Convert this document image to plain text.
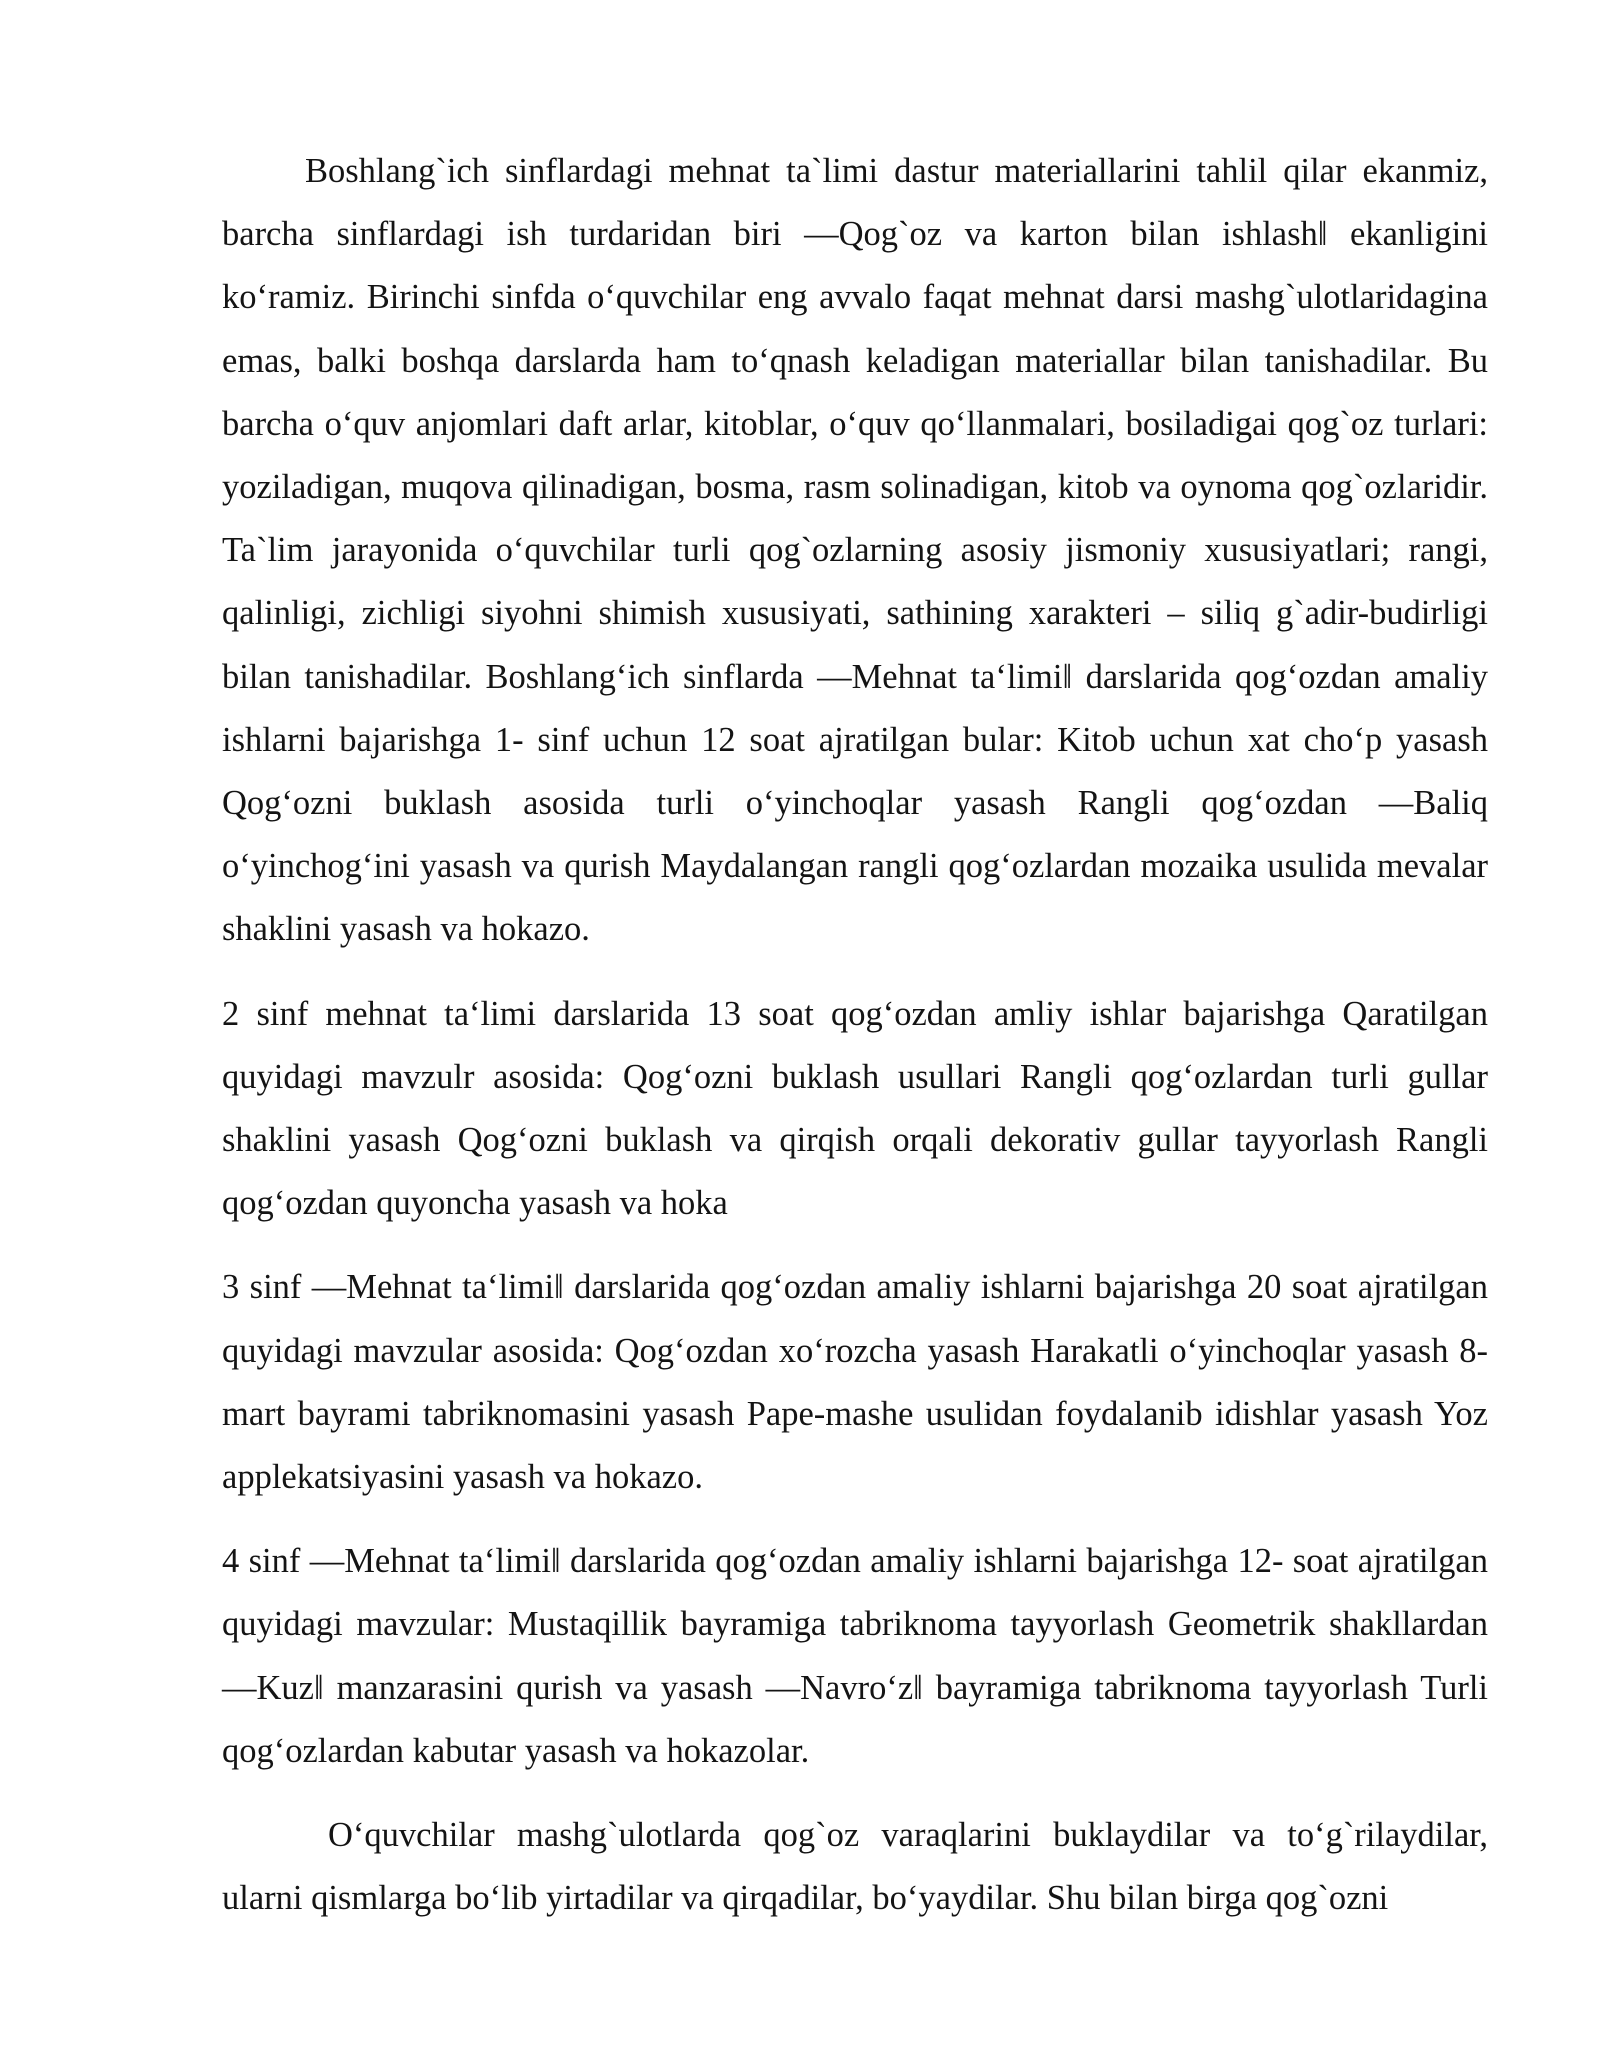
Boshlang`ich sinflardagi mehnat ta`limi dastur materiallarini tahlil qilar ekanmiz, barcha sinflardagi ish turdaridan biri ―Qog`oz va karton bilan ishlash‖ ekanligini ko‘ramiz. Birinchi sinfda o‘quvchilar eng avvalo faqat mehnat darsi mashg`ulotlaridagina emas, balki boshqa darslarda ham to‘qnash keladigan materiallar bilan tanishadilar. Bu barcha o‘quv anjomlari daft arlar, kitoblar, o‘quv qo‘llanmalari, bosiladigai qog`oz turlari: yoziladigan, muqova qilinadigan, bosma, rasm solinadigan, kitob va oynoma qog`ozlaridir. Ta`lim jarayonida o‘quvchilar turli qog`ozlarning asosiy jismoniy xususiyatlari; rangi, qalinligi, zichligi siyohni shimish xususiyati, sathining xarakteri – siliq g`adir-budirligi bilan tanishadilar. Boshlang‘ich sinflarda ―Mehnat ta‘limi‖ darslarida qog‘ozdan amaliy ishlarni bajarishga 1- sinf uchun 12 soat ajratilgan bular: Kitob uchun xat cho‘p yasash Qog‘ozni buklash asosida turli o‘yinchoqlar yasash Rangli qog‘ozdan ―Baliq o‘yinchog‘ini yasash va qurish Maydalangan rangli qog‘ozlardan mozaika usulida mevalar shaklini yasash va hokazo.

2 sinf mehnat ta‘limi darslarida 13 soat qog‘ozdan amliy ishlar bajarishga Qaratilgan quyidagi mavzulr asosida: Qog‘ozni buklash usullari Rangli qog‘ozlardan turli gullar shaklini yasash Qog‘ozni buklash va qirqish orqali dekorativ gullar tayyorlash Rangli qog‘ozdan quyoncha yasash va hoka

3 sinf ―Mehnat ta‘limi‖ darslarida qog‘ozdan amaliy ishlarni bajarishga 20 soat ajratilgan quyidagi mavzular asosida: Qog‘ozdan xo‘rozcha yasash Harakatli o‘yinchoqlar yasash 8-mart bayrami tabriknomasini yasash Pape-mashe usulidan foydalanib idishlar yasash Yoz applekatsiyasini yasash va hokazo.

4 sinf ―Mehnat ta‘limi‖ darslarida qog‘ozdan amaliy ishlarni bajarishga 12- soat ajratilgan quyidagi mavzular: Mustaqillik bayramiga tabriknoma tayyorlash Geometrik shakllardan ―Kuz‖ manzarasini qurish va yasash ―Navro‘z‖ bayramiga tabriknoma tayyorlash Turli qog‘ozlardan kabutar yasash va hokazolar.

O‘quvchilar mashg`ulotlarda qog`oz varaqlarini buklaydilar va to‘g`rilaydilar, ularni qismlarga bo‘lib yirtadilar va qirqadilar, bo‘yaydilar. Shu bilan birga qog`ozni
